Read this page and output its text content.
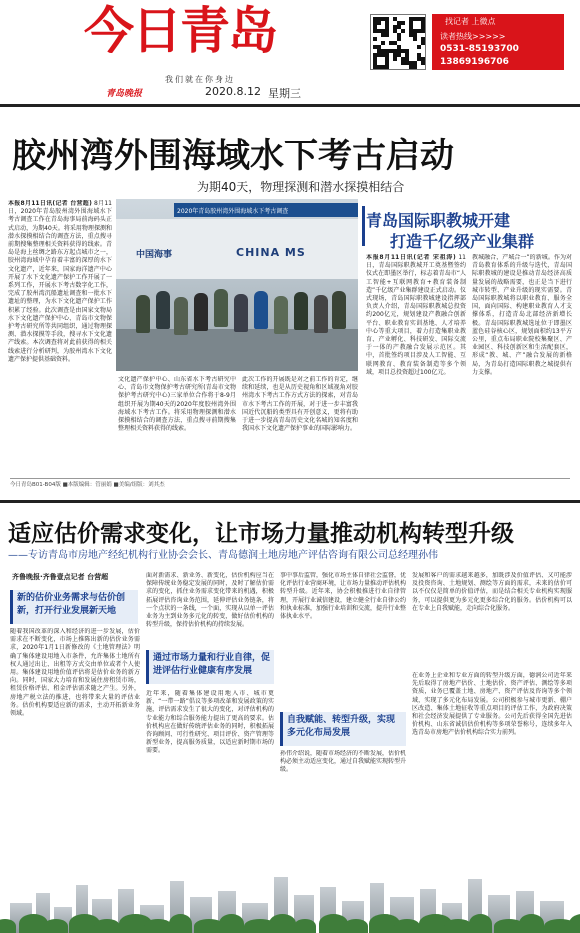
今日青岛
我们就在你身边
青岛晚报	2020.8.12 星期三
找记者 上微点
读者热线>>>>>
0531-85193700
13869196706
胶州湾外围海域水下考古启动
为期40天，物理探测和潜水探摸相结合
2020年青岛胶州湾外围海域水下考古调查
中国海事	CHINA MS
本报8月11日讯(记者 台营超) 8月11日，2020年青岛胶州湾外围海域水下考古调查工作在青岛海事局前海码头正式启动，为期40天。将采用物理探测和潜水探摸相结合的调查方法，重点搜寻前期搜集整理相关资料获得的线索。青岛是海上丝绸之路东方起点城市之一，胶州湾海域中孕育着丰富的深厚的水下文化遗产，近年来，国家海洋遗产中心开展了水下文化遗产保护工作开展了一系列工作，开展水下考古数字化工作，完成了胶州湾沉船遗址调查和一批水下遗址的整理，为水下文化遗产保护工作积累了经验。此次调查是由国家文物局水下文化遗产保护中心、青岛市文物保护考古研究所等共同组织，通过物理探测、潜水探摸等手段，搜寻水下文化遗产线索。本次调查将对此前获得的相关线索进行分析研判，为胶州湾水下文化遗产保护提供基础资料。
文化遗产保护中心、山东省水下考古研究中心、青岛市文物保护考古研究所(青岛市文物保护考古研究中心)三家单位合作将于8-9月组织开展为期40天的2020年度胶州湾外围海域水下考古工作。将采用物理探测和潜水探摸相结合的调查方法，重点搜寻前期搜集整理相关资料获得的线索。
此次工作的开展既是对之前工作的肯定，继续和延续，也是从历史视角和区域视角对胶州湾水下考古工作方式方法的探索，对青岛市水下考古工作的开展，对于进一步丰富我国近代沉船的类型具有开创意义，更将有助于进一步提高青岛历史文化名城的知名度和我国水下文化遗产保护事业的国际影响力。
青岛国际职教城开建
打造千亿级产业集群
本报8月11日讯(记者 宋祖涛) 11日，青岛国际职教城开工奠基暨签约仪式在即墨区举行，标志着青岛市“人工智能+互联网教育+教育装备制造”千亿级产业集群建设正式启动。仪式现场，青岛国际职教城建设指挥部负责人介绍，青岛国际职教城总投资约200亿元，规划建设产教融合创新平台、职业教育实训基地、人才培养中心等重大项目，着力打造集职业教育、产业孵化、科技研发、国际交流于一体的产教融合发展示范区。其中，首批签约项目涉及人工智能、互联网教育、教育装备制造等多个领域，项目总投资超过100亿元。
教城融合，产城合一”的新城。作为对青岛教育体系的升级与迭代，青岛国际职教城的建设是推动青岛经济高质量发展的战略需要，也正是当下进行城市转型、产业升级的现实需要。青岛国际职教城将以职业教育、服务全国，面向国际、构建职业教育人才支撑体系，打造青岛北部经济新增长极。青岛国际职教城选址位于即墨区蓝色硅谷核心区，规划面积约13平方公里，重点布局职业院校集聚区、产业园区、科技创新区和生活配套区，形成“教、城、产”融合发展的新格局，为青岛打造国际职教之城提供有力支撑。
今日青岛B01-B04版 ■本版编辑：管丽娟 ■美编/组版：刘其杰
适应估价需求变化，让市场力量推动机构转型升级
——专访青岛市房地产经纪机构行业协会会长、青岛德润土地房地产评估咨询有限公司总经理孙伟
齐鲁晚报·齐鲁壹点记者 台营超
新的估价业务需求与估价创新，打开行业发展新天地
随着我国改革的深入和经济的进一步发展，估价需求在不断变化，市场上推陈出新的估价业务需求，2020年1月1日新修改的《土地管理法》明确了集体建设用地入市条件，允许集体土地所有权人通过出让、出租等方式交由单位或者个人使用。集体建设用地价值评估将是估价业务的新方向。同时，国家大力培育和发展住房租赁市场，租赁价格评估、租金评估需求随之产生。另外，房地产税立法的推进，也将带来大量的评估业务。估价机构要适应新的需求，主动开拓新业务领域。
面对新需求、新业务、新变化，估价机构应当在保障传统业务稳定发展的同时，及时了解估价需求的变化，抓住业务需求变化带来的机遇，积极拓展评估咨询业务范围，延伸评估业务链条，将一个点状的一条线，一个面，实现从以单一评估业务为主到业务多元化的转变，做好估价机构的转型升级，保持估价机构的持续发展。
通过市场力量和行业自律，促进评估行业健康有序发展
近年来，随着集体建设用地入市、城市更新、“一带一路”倡议等多项改革和发展政策的实施，评估需求发生了很大的变化，对评估机构的专业能力和综合服务能力提出了更高的要求。估价机构应在做好传统评估业务的同时，积极拓展咨询顾问、可行性研究、项目评价、资产管理等新型业务，提高服务质量，以适应新时期市场的需要。
事中事后监管，强化市场主体自律社会监督，优化评估行业营商环境，让市场力量推动评估机构转型升级。近年来，协会积极推进行业自律管理，开展行业诚信建设，建立健全行业自律公约和执业标准，加强行业培训和交流，提升行业整体执业水平。
自我赋能、转型升级，实现多元化布局发展
孙伟介绍说，随着市场经济的不断发展，估价机构必须主动适应变化，通过自我赋能实现转型升级。
发展和客户的需求越来越多，加既涉及价值评估、又可能涉及投资咨询、土地规划、测绘等方面的需求，未来的估价可以不仅仅是简单的价值评估，而是结合相关专业机构实现服务，可以提供更为多元化更多综合化的服务。估价机构可以在专业上自我赋能，走向综合化服务。
在业务上企业和专业方面的转型升级方面，德润公司近年来先后取得了房地产估价、土地估价、资产评估、测绘等多项资质，业务已覆盖土地、房地产、资产评估及咨询等多个领域，实现了多元化布局发展。公司积极参与城市更新、棚户区改造、集体土地征收等重点项目的评估工作，为政府决策和社会经济发展提供了专业服务。公司先后获得全国先进估价机构、山东省诚信估价机构等多项荣誉称号，连续多年入选青岛市房地产估价机构综合实力前列。
